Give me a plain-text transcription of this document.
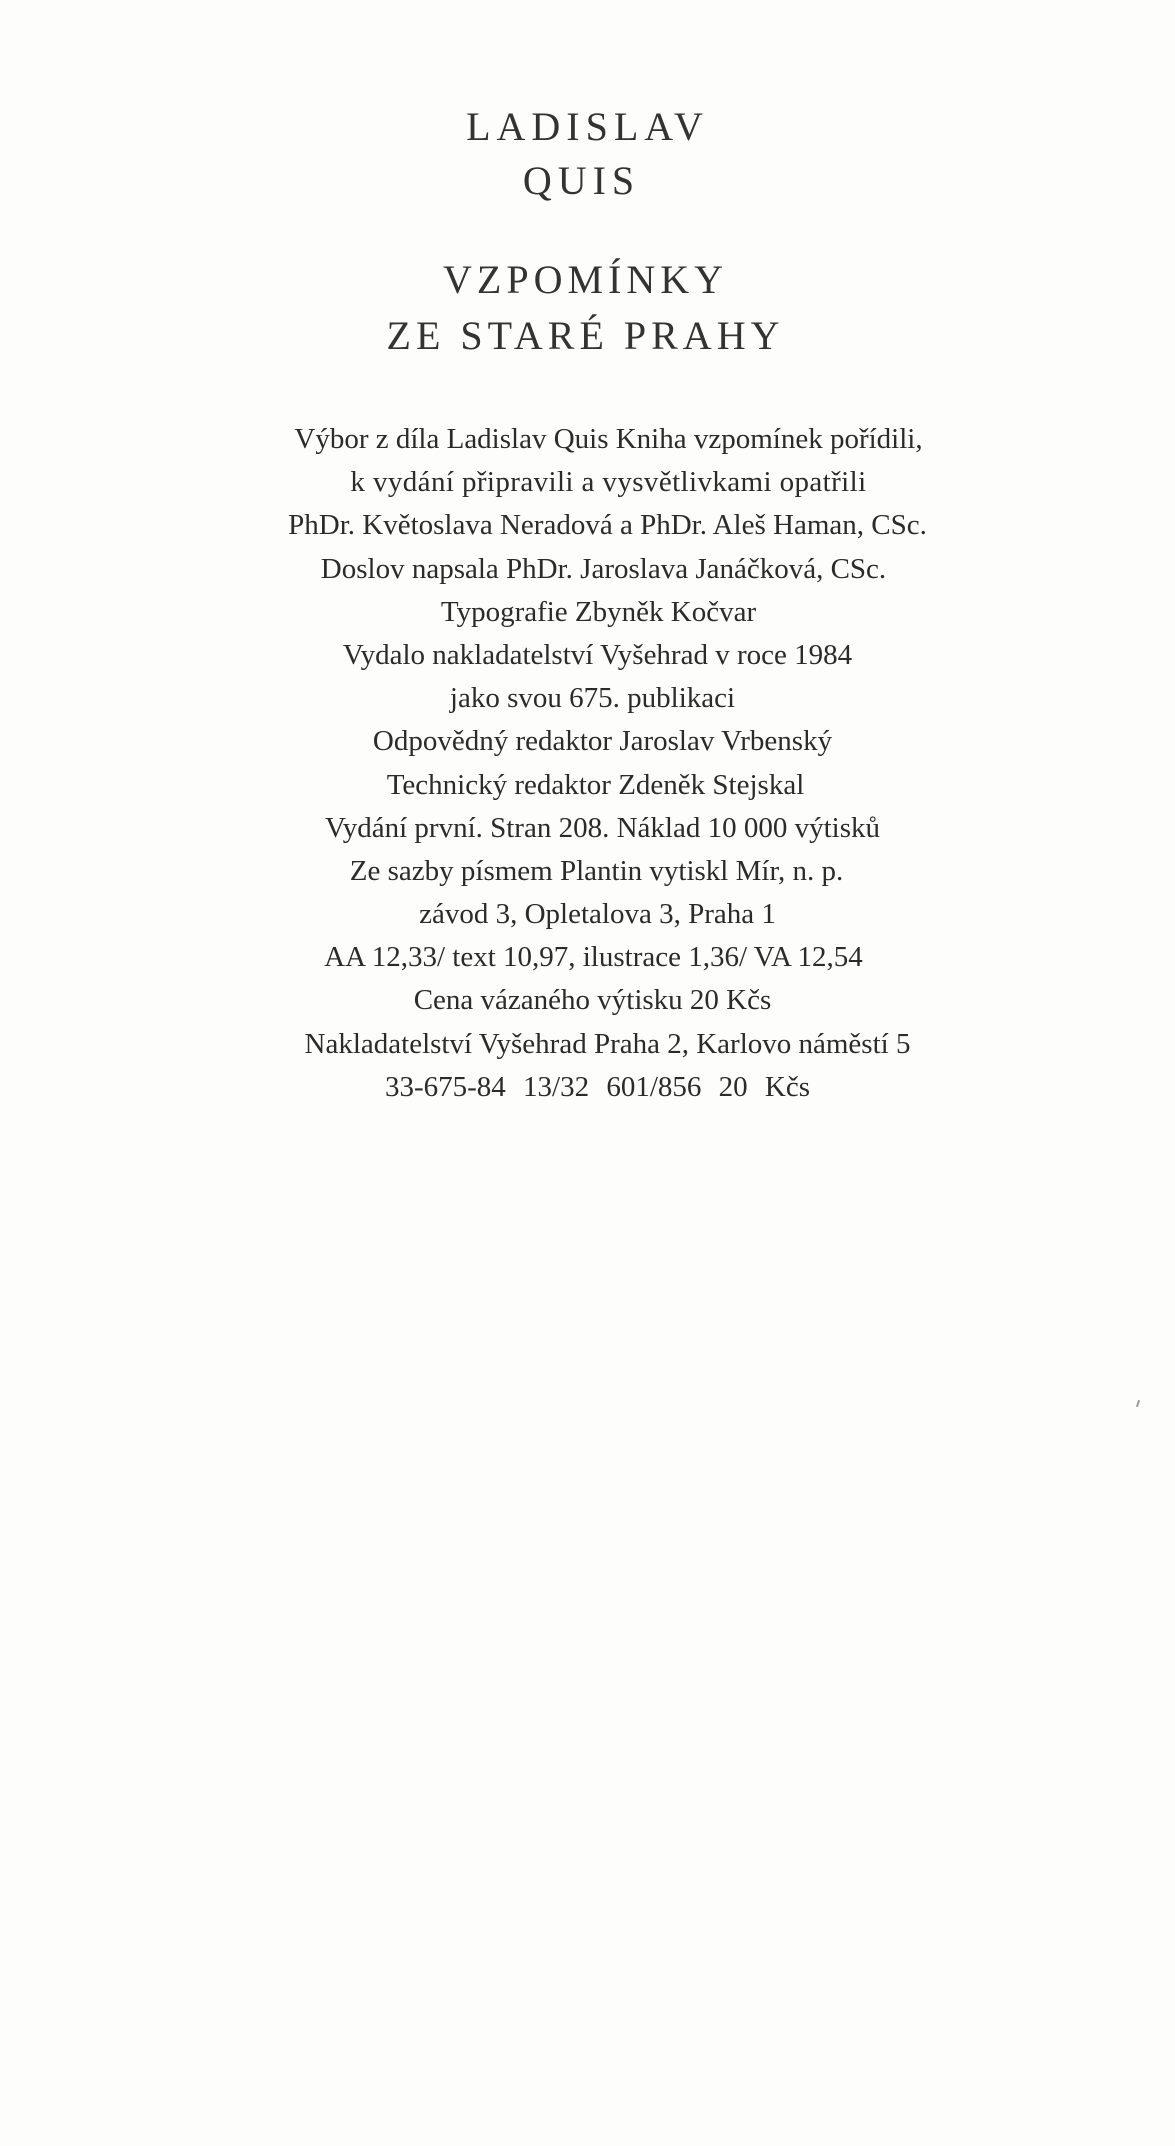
LADISLAV
QUIS
VZPOMÍNKY
ZE STARÉ PRAHY
Výbor z díla Ladislav Quis Kniha vzpomínek pořídili,
k vydání připravili a vysvětlivkami opatřili
PhDr. Květoslava Neradová a PhDr. Aleš Haman, CSc.
Doslov napsala PhDr. Jaroslava Janáčková, CSc.
Typografie Zbyněk Kočvar
Vydalo nakladatelství Vyšehrad v roce 1984
jako svou 675. publikaci
Odpovědný redaktor Jaroslav Vrbenský
Technický redaktor Zdeněk Stejskal
Vydání první. Stran 208. Náklad 10 000 výtisků
Ze sazby písmem Plantin vytiskl Mír, n. p.
závod 3, Opletalova 3, Praha 1
AA 12,33/ text 10,97, ilustrace 1,36/ VA 12,54
Cena vázaného výtisku 20 Kčs
Nakladatelství Vyšehrad Praha 2, Karlovo náměstí 5
33-675-84 13/32 601/856 20 Kčs
